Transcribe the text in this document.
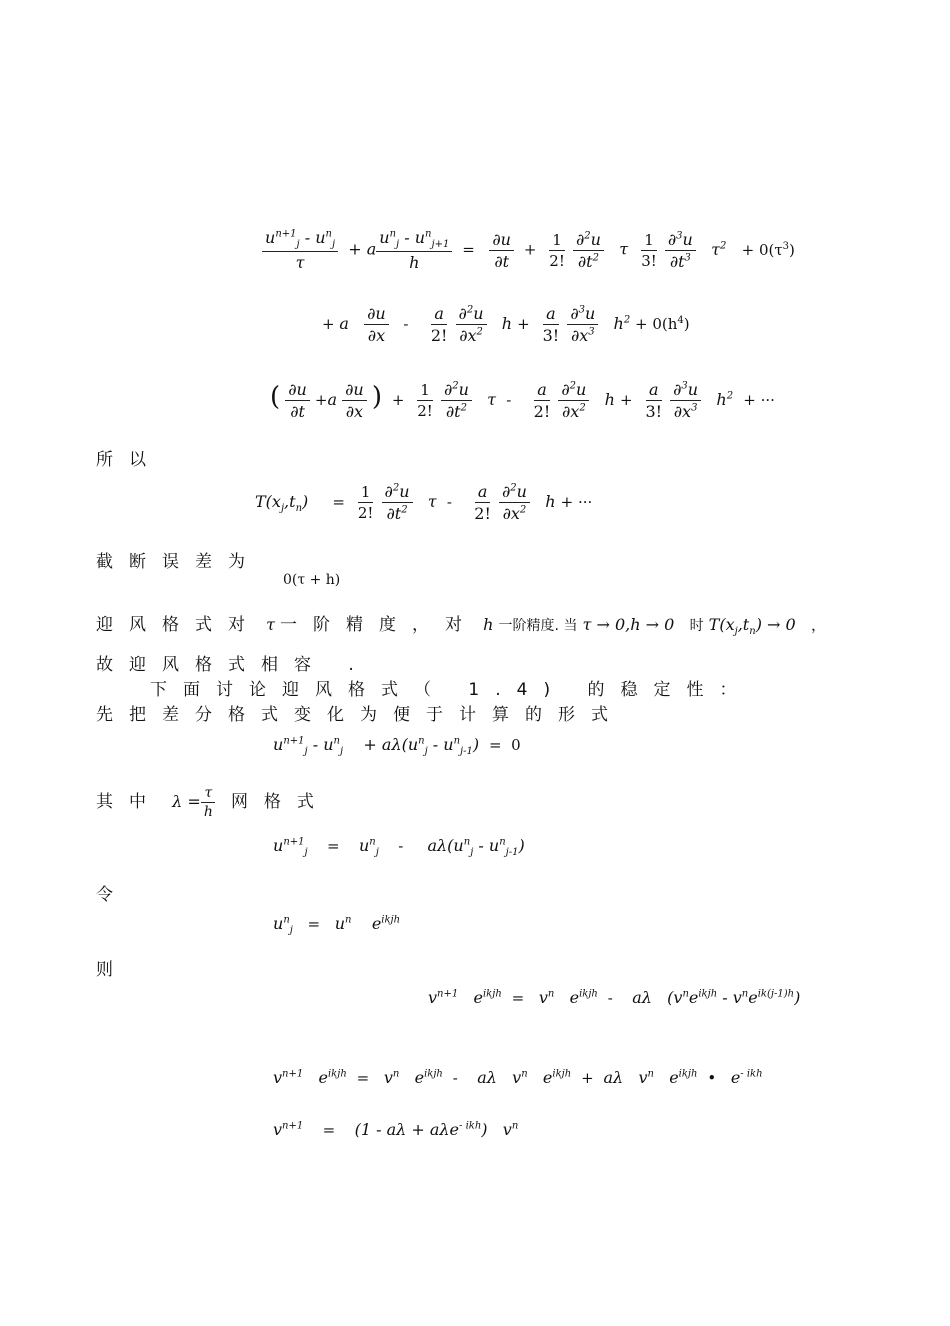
$\frac{u^{n+1}_j - u^n_j}{\tau} + a \frac{u^n_j - u^n_{j+1}}{h} = \frac{\partial u}{\partial t} + \frac{1}{2!}$
$\frac{\partial^2u}{\partial t^2}$ τ $\frac{1}{3!}$
$\frac{\partial^3u}{\partial t^3} \tau^2 + 0(\tau^3)$
+ a $\frac{\partial u}{\partial x} - \frac{a}{2!}$
$\frac{\partial^2u}{\partial x^2}$ $h + \frac{a}{3!}$
$\frac{\partial^3u}{\partial x^3} h^2 + 0(h^4)$
( $\frac{\partial u}{\partial t} +a \frac{\partial u}{\partial x}$ )  + $\frac{1}{2!}$
$\frac{\partial^2u}{\partial t^2}$ τ  - $\frac{a}{2!}$
$\frac{\partial^2u}{\partial x^2}$ $h + \frac{a}{3!}$
$\frac{\partial^3u}{\partial x^3} h^2$ + ···
所以
$T(x_j,t_n)$     = $\frac{1}{2!}$
$\frac{\partial^2u}{\partial t^2}$ τ  - $\frac{a}{2!}$
$\frac{\partial^2u}{\partial x^2}$ h + ···
截断误差为
0(τ + h)
迎风格式对 τ 一阶精度，对 h 一阶精度. 当 τ → 0,h → 0   时 $T(x_j,t_n) \to 0$   ，
故迎风格式相容 .
下面讨论迎风格式（ 1.4) 的稳定性：
先把差分格式变化为便于计算的形式
$u^{n+1}_j - u^n_j$    + $a\lambda(u^n_j - u^n_{j-1}) = 0$
其中  $\lambda = \frac{\tau}{h}$ 网格式
$u^{n+1}_j$    =    $u^n_j$    -     $a\lambda(u^n_j - u^n_{j-1})$
令
$u^n_j = u^n$    $e^{ikjh}$
则
$v^{n+1}$   $e^{ikjh} = v^n$   $e^{ikjh}$  -    aλ   $(v^ne^{ikjh} - v^ne^{ik(j-1)h})$
$v^{n+1}$   $e^{ikjh} = v^n$   $e^{ikjh}$  -    aλ   $v^n$   $e^{ikjh} + a\lambda$   $v^n$   $e^{ikjh}$  •   $e^{- ikh}$
$v^{n+1}$    =    (1 - aλ + aλe$^{- ikh}$)   $v^n$
